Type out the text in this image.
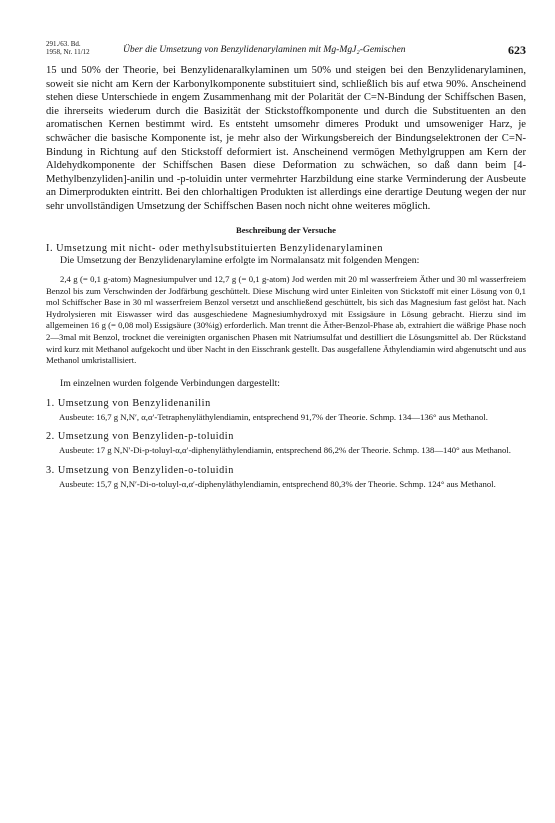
291./63. Bd.
1958, Nr. 11/12	Über die Umsetzung von Benzylidenarylaminen mit Mg-MgJ₂-Gemischen	623

15 und 50% der Theorie, bei Benzylidenaralkylaminen um 50% und steigen bei den Benzylidenarylaminen, soweit sie nicht am Kern der Karbonylkomponente substituiert sind, schließlich bis auf etwa 90%. Anscheinend stehen diese Unterschiede in engem Zusammenhang mit der Polarität der C=N-Bindung der Schiffschen Basen, die ihrerseits wiederum durch die Basizität der Stickstoffkomponente und durch die Substituenten an den aromatischen Kernen bestimmt wird. Es entsteht umsomehr dimeres Produkt und umsoweniger Harz, je schwächer die basische Komponente ist, je mehr also der Wirkungsbereich der Bindungselektronen der C=N-Bindung in Richtung auf den Stickstoff deformiert ist. Anscheinend vermögen Methylgruppen am Kern der Aldehydkomponente der Schiffschen Basen diese Deformation zu schwächen, so daß dann beim [4-Methylbenzyliden]-anilin und -p-toluidin unter vermehrter Harzbildung eine starke Verminderung der Ausbeute an Dimerprodukten eintritt. Bei den chlorhaltigen Produkten ist allerdings eine derartige Deutung wegen der nur sehr unvollständigen Umsetzung der Schiffschen Basen noch nicht ohne weiteres möglich.

Beschreibung der Versuche
I. Umsetzung mit nicht- oder methylsubstituierten Benzylidenarylaminen

Die Umsetzung der Benzylidenarylamine erfolgte im Normalansatz mit folgenden Mengen:

2,4 g (= 0,1 g-atom) Magnesiumpulver und 12,7 g (= 0,1 g-atom) Jod werden mit 20 ml wasserfreiem Äther und 30 ml wasserfreiem Benzol bis zum Verschwinden der Jodfärbung geschüttelt. Diese Mischung wird unter Einleiten von Stickstoff mit einer Lösung von 0,1 mol Schiffscher Base in 30 ml wasserfreiem Benzol versetzt und anschließend geschüttelt, bis sich das Magnesium fast gelöst hat. Nach Hydrolysieren mit Eiswasser wird das ausgeschiedene Magnesiumhydroxyd mit Essigsäure in Lösung gebracht. Hierzu sind im allgemeinen 16 g (= 0,08 mol) Essigsäure (30%ig) erforderlich. Man trennt die Äther-Benzol-Phase ab, extrahiert die wäßrige Phase noch 2—3mal mit Benzol, trocknet die vereinigten organischen Phasen mit Natriumsulfat und destilliert die Lösungsmittel ab. Der Rückstand wird kurz mit Methanol aufgekocht und über Nacht in den Eisschrank gestellt. Das ausgefallene Äthylendiamin wird abgenutscht und aus Methanol umkristallisiert.

Im einzelnen wurden folgende Verbindungen dargestellt:

1. Umsetzung von Benzylidenanilin

Ausbeute: 16,7 g N,N′, α,α′-Tetraphenyläthylendiamin, entsprechend 91,7% der Theorie. Schmp. 134—136° aus Methanol.

2. Umsetzung von Benzyliden-p-toluidin

Ausbeute: 17 g N,N′-Di-p-toluyl-α,α′-diphenyläthylendiamin, entsprechend 86,2% der Theorie. Schmp. 138—140° aus Methanol.

3. Umsetzung von Benzyliden-o-toluidin

Ausbeute: 15,7 g N,N′-Di-o-toluyl-α,α′-diphenyläthylendiamin, entsprechend 80,3% der Theorie. Schmp. 124° aus Methanol.
